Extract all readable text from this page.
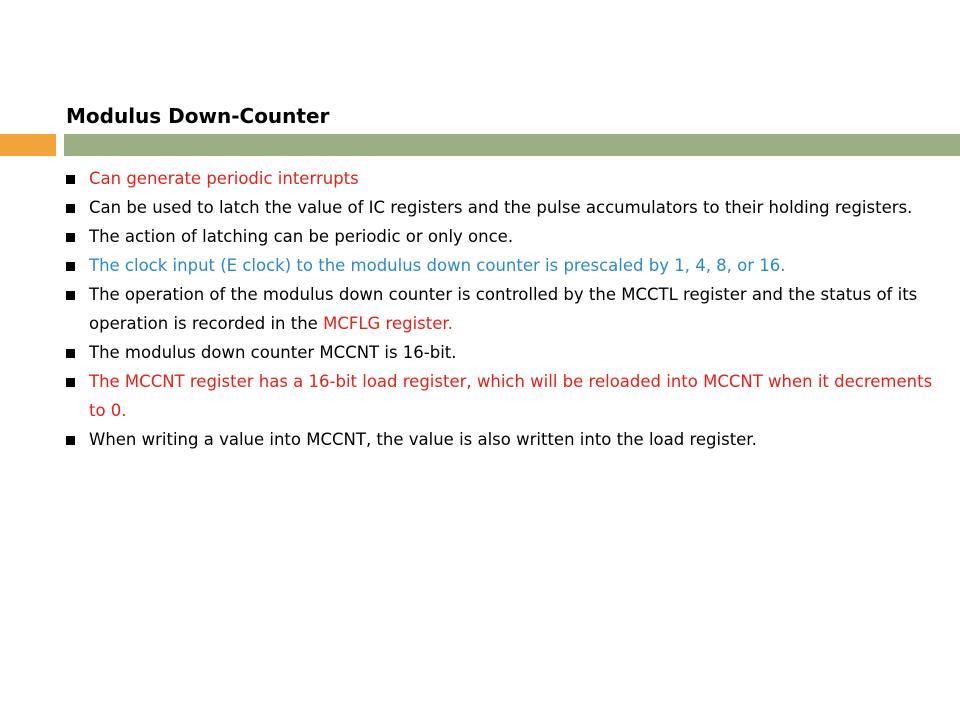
Modulus Down-Counter
Can generate periodic interrupts
Can be used to latch the value of IC registers and the pulse accumulators to their holding registers.
The action of latching can be periodic or only once.
The clock input (E clock) to the modulus down counter is prescaled by 1, 4, 8, or 16.
The operation of the modulus down counter is controlled by the MCCTL register and the status of its operation is recorded in the MCFLG register.
The modulus down counter MCCNT is 16-bit.
The MCCNT register has a 16-bit load register, which will be reloaded into MCCNT when it decrements to 0.
When writing a value into MCCNT, the value is also written into the load register.
